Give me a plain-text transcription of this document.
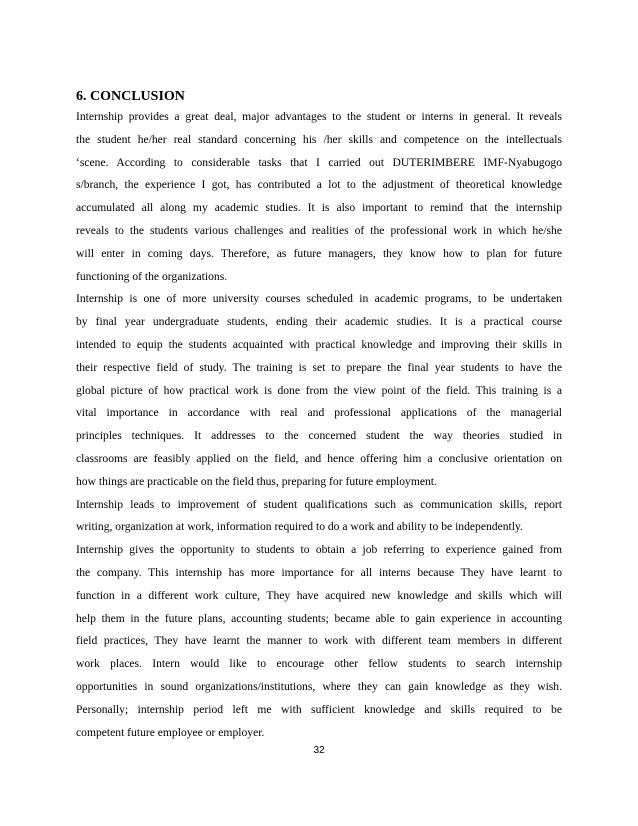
6. CONCLUSION
Internship provides a great deal, major advantages to the student or interns in general. It reveals
the student he/her real standard concerning his /her skills and competence on the intellectuals
‘scene. According to considerable tasks that I carried out DUTERIMBERE IMF-Nyabugogo
s/branch, the experience I got, has contributed a lot to the adjustment of theoretical knowledge
accumulated all along my academic studies. It is also important to remind that the internship
reveals to the students various challenges and realities of the professional work in which he/she
will enter in coming days. Therefore, as future managers, they know how to plan for future
functioning of the organizations.
Internship is one of more university courses scheduled in academic programs, to be undertaken
by final year undergraduate students, ending their academic studies. It is a practical course
intended to equip the students acquainted with practical knowledge and improving their skills in
their respective field of study. The training is set to prepare the final year students to have the
global picture of how practical work is done from the view point of the field. This training is a
vital importance in accordance with real and professional applications of the managerial
principles techniques. It addresses to the concerned student the way theories studied in
classrooms are feasibly applied on the field, and hence offering him a conclusive orientation on
how things are practicable on the field thus, preparing for future employment.
Internship leads to improvement of student qualifications such as communication skills, report
writing, organization at work, information required to do a work and ability to be independently.
Internship gives the opportunity to students to obtain a job referring to experience gained from
the company. This internship has more importance for all interns because They have learnt to
function in a different work culture, They have acquired new knowledge and skills which will
help them in the future plans, accounting students; became able to gain experience in accounting
field practices, They have learnt the manner to work with different team members in different
work places. Intern would like to encourage other fellow students to search internship
opportunities in sound organizations/institutions, where they can gain knowledge as they wish.
Personally; internship period left me with sufficient knowledge and skills required to be
competent future employee or employer.
32
